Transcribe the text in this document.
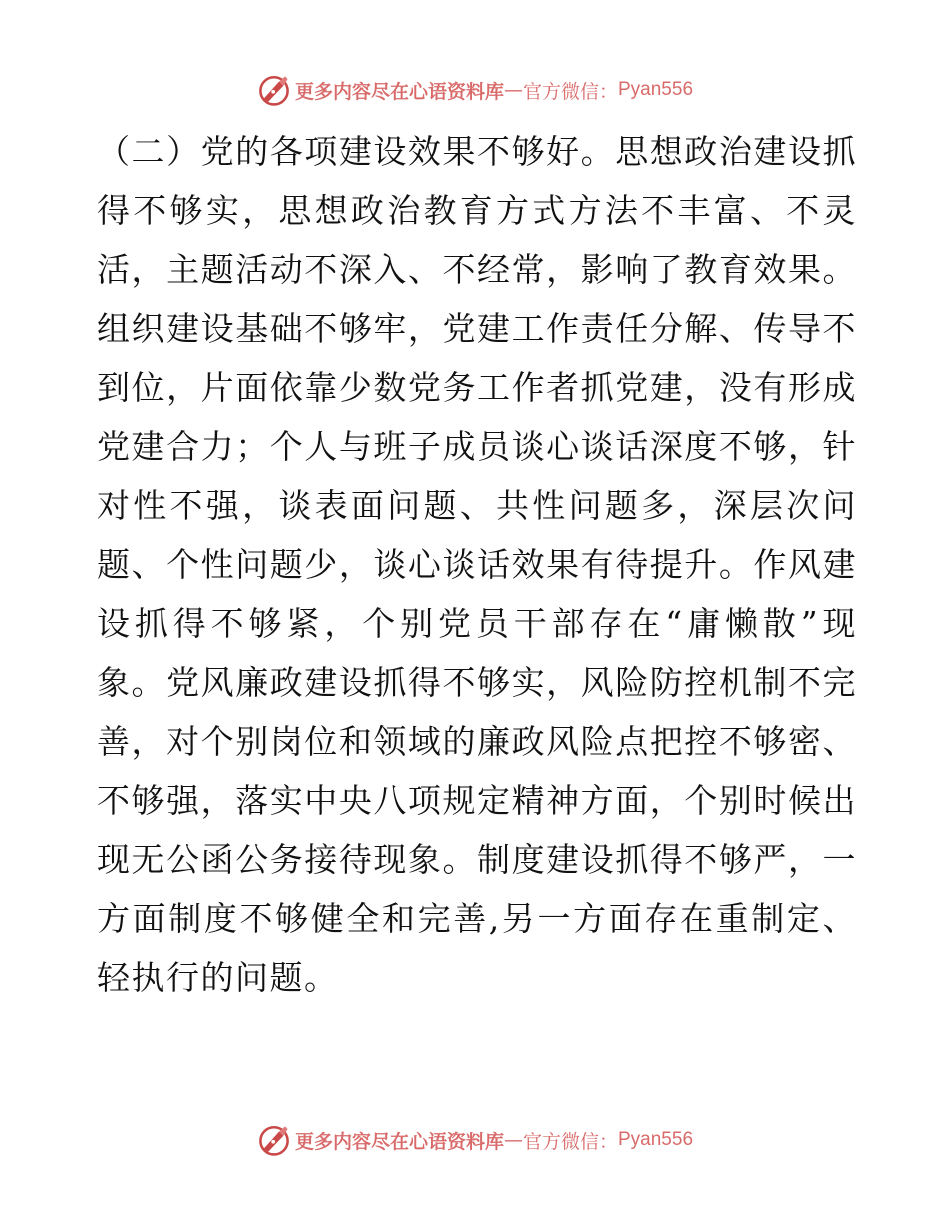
更多内容尽在心语资料库 — 官方微信： Pyan556

（二）党的各项建设效果不够好。思想政治建设抓得不够实，思想政治教育方式方法不丰富、不灵活，主题活动不深入、不经常，影响了教育效果。组织建设基础不够牢，党建工作责任分解、传导不到位，片面依靠少数党务工作者抓党建，没有形成党建合力；个人与班子成员谈心谈话深度不够，针对性不强，谈表面问题、共性问题多，深层次问题、个性问题少，谈心谈话效果有待提升。作风建设抓得不够紧，个别党员干部存在“庸懒散”现象。党风廉政建设抓得不够实，风险防控机制不完善，对个别岗位和领域的廉政风险点把控不够密、不够强，落实中央八项规定精神方面，个别时候出现无公函公务接待现象。制度建设抓得不够严，一方面制度不够健全和完善,另一方面存在重制定、轻执行的问题。

更多内容尽在心语资料库 — 官方微信： Pyan556
